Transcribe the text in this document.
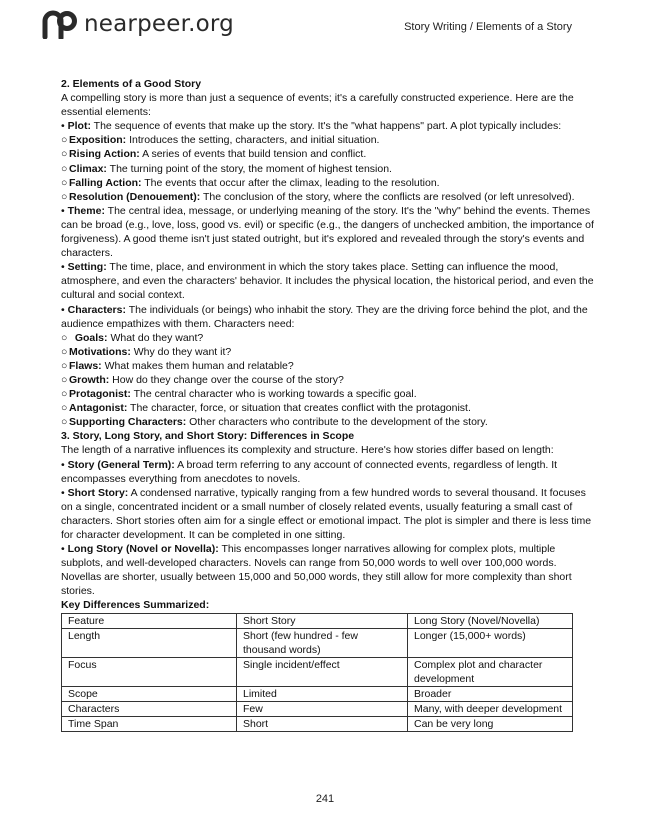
nearpeer.org	Story Writing / Elements of a Story

2. Elements of a Good Story

A compelling story is more than just a sequence of events; it's a carefully constructed experience. Here are the essential elements:

• Plot: The sequence of events that make up the story. It's the "what happens" part. A plot typically includes:

○ Exposition: Introduces the setting, characters, and initial situation.

○ Rising Action: A series of events that build tension and conflict.

○ Climax: The turning point of the story, the moment of highest tension.

○ Falling Action: The events that occur after the climax, leading to the resolution.

○ Resolution (Denouement): The conclusion of the story, where the conflicts are resolved (or left unresolved).

• Theme: The central idea, message, or underlying meaning of the story. It's the "why" behind the events. Themes can be broad (e.g., love, loss, good vs. evil) or specific (e.g., the dangers of unchecked ambition, the importance of forgiveness). A good theme isn't just stated outright, but it's explored and revealed through the story's events and characters.

• Setting: The time, place, and environment in which the story takes place. Setting can influence the mood, atmosphere, and even the characters' behavior. It includes the physical location, the historical period, and even the cultural and social context.

• Characters: The individuals (or beings) who inhabit the story. They are the driving force behind the plot, and the audience empathizes with them. Characters need:

○ Goals: What do they want?

○ Motivations: Why do they want it?

○ Flaws: What makes them human and relatable?

○ Growth: How do they change over the course of the story?

○ Protagonist: The central character who is working towards a specific goal.

○ Antagonist: The character, force, or situation that creates conflict with the protagonist.

○ Supporting Characters: Other characters who contribute to the development of the story.

3. Story, Long Story, and Short Story: Differences in Scope

The length of a narrative influences its complexity and structure. Here's how stories differ based on length:

• Story (General Term): A broad term referring to any account of connected events, regardless of length. It encompasses everything from anecdotes to novels.

• Short Story: A condensed narrative, typically ranging from a few hundred words to several thousand. It focuses on a single, concentrated incident or a small number of closely related events, usually featuring a small cast of characters. Short stories often aim for a single effect or emotional impact. The plot is simpler and there is less time for character development. It can be completed in one sitting.

• Long Story (Novel or Novella): This encompasses longer narratives allowing for complex plots, multiple subplots, and well-developed characters. Novels can range from 50,000 words to well over 100,000 words. Novellas are shorter, usually between 15,000 and 50,000 words, they still allow for more complexity than short stories.

Key Differences Summarized:

Feature	Short Story	Long Story (Novel/Novella)
Length	Short (few hundred - few thousand words)	Longer (15,000+ words)
Focus	Single incident/effect	Complex plot and character development
Scope	Limited	Broader
Characters	Few	Many, with deeper development
Time Span	Short	Can be very long
241
